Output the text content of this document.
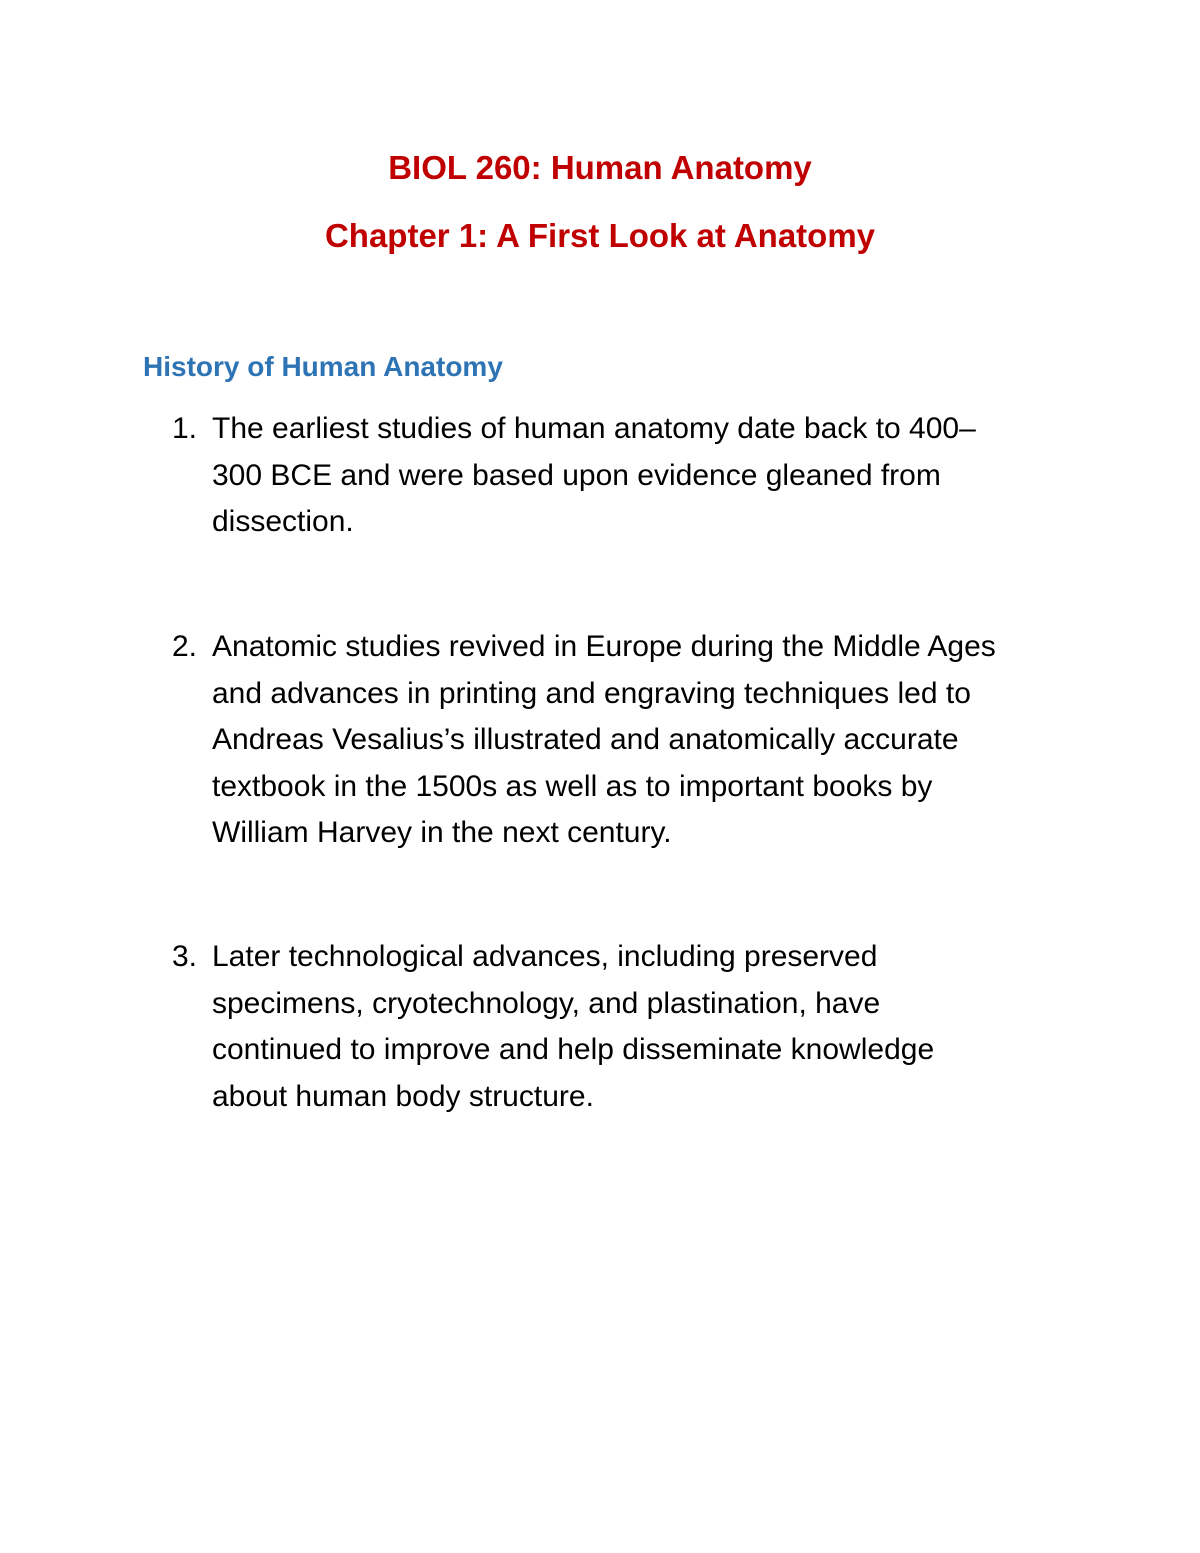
BIOL 260: Human Anatomy
Chapter 1: A First Look at Anatomy
History of Human Anatomy
1. The earliest studies of human anatomy date back to 400–
300 BCE and were based upon evidence gleaned from
dissection.
2. Anatomic studies revived in Europe during the Middle Ages
and advances in printing and engraving techniques led to
Andreas Vesalius’s illustrated and anatomically accurate
textbook in the 1500s as well as to important books by
William Harvey in the next century.
3. Later technological advances, including preserved
specimens, cryotechnology, and plastination, have
continued to improve and help disseminate knowledge
about human body structure.
